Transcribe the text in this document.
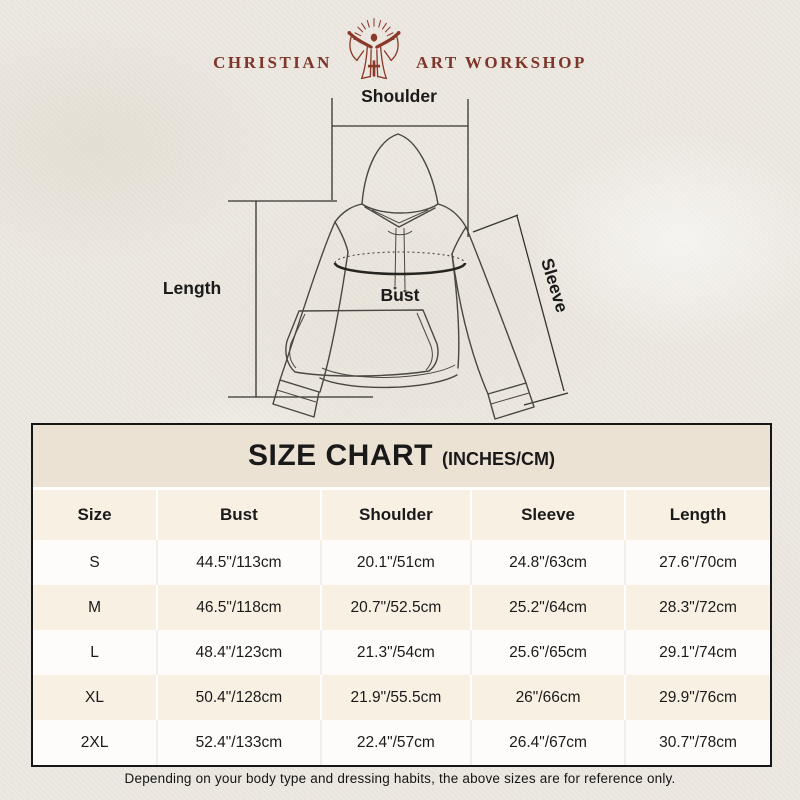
CHRISTIAN	ART WORKSHOP
Shoulder
Length	Bust	Sleeve
SIZE CHART (INCHES/CM)
Size	Bust	Shoulder	Sleeve	Length
S	44.5"/113cm	20.1"/51cm	24.8"/63cm	27.6"/70cm
M	46.5"/118cm	20.7"/52.5cm	25.2"/64cm	28.3"/72cm
L	48.4"/123cm	21.3"/54cm	25.6"/65cm	29.1"/74cm
XL	50.4"/128cm	21.9"/55.5cm	26"/66cm	29.9"/76cm
2XL	52.4"/133cm	22.4"/57cm	26.4"/67cm	30.7"/78cm
Depending on your body type and dressing habits, the above sizes are for reference only.
